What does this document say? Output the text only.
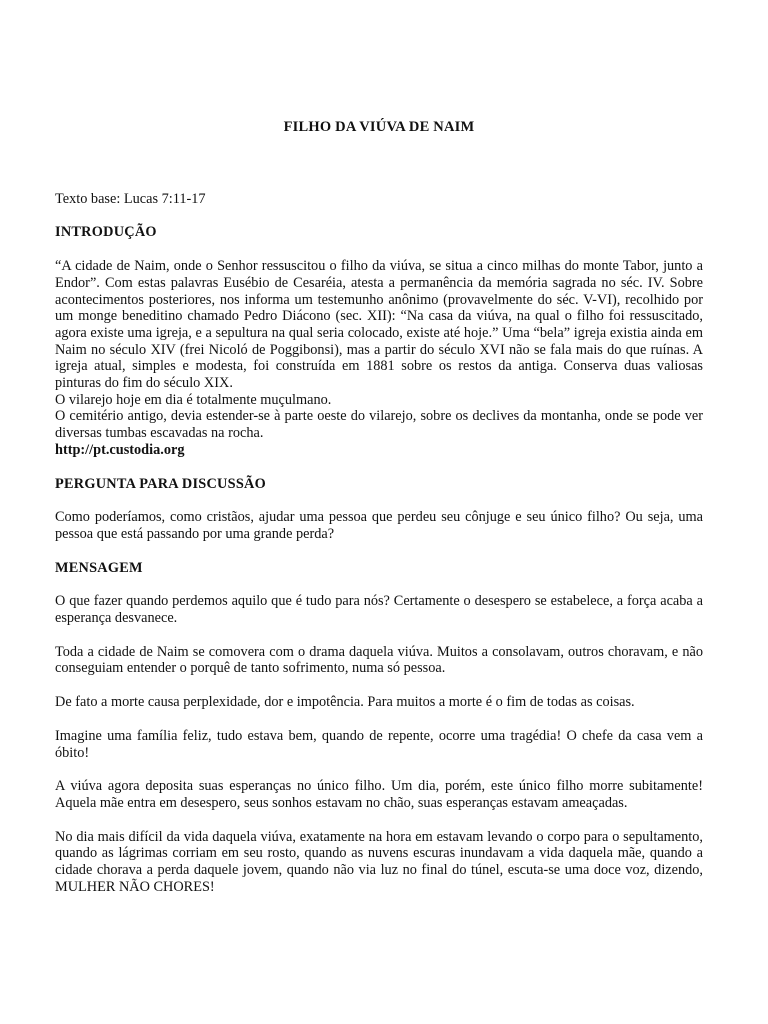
FILHO DA VIÚVA DE NAIM

Texto base: Lucas 7:11-17

INTRODUÇÃO

“A cidade de Naim, onde o Senhor ressuscitou o filho da viúva, se situa a cinco milhas do monte Tabor, junto a Endor”. Com estas palavras Eusébio de Cesaréia, atesta a permanência da memória sagrada no séc. IV. Sobre acontecimentos posteriores, nos informa um testemunho anônimo (provavelmente do séc. V-VI), recolhido por um monge beneditino chamado Pedro Diácono (sec. XII): “Na casa da viúva, na qual o filho foi ressuscitado, agora existe uma igreja, e a sepultura na qual seria colocado, existe até hoje.” Uma “bela” igreja existia ainda em Naim no século XIV (frei Nicoló de Poggibonsi), mas a partir do século XVI não se fala mais do que ruínas. A igreja atual, simples e modesta, foi construída em 1881 sobre os restos da antiga. Conserva duas valiosas pinturas do fim do século XIX.

O vilarejo hoje em dia é totalmente muçulmano.

O cemitério antigo, devia estender-se à parte oeste do vilarejo, sobre os declives da montanha, onde se pode ver diversas tumbas escavadas na rocha.

http://pt.custodia.org
PERGUNTA PARA DISCUSSÃO

Como poderíamos, como cristãos, ajudar uma pessoa que perdeu seu cônjuge e seu único filho? Ou seja, uma pessoa que está passando por uma grande perda?

MENSAGEM

O que fazer quando perdemos aquilo que é tudo para nós? Certamente o desespero se estabelece, a força acaba a esperança desvanece.

Toda a cidade de Naim se comovera com o drama daquela viúva. Muitos a consolavam, outros choravam, e não conseguiam entender o porquê de tanto sofrimento, numa só pessoa.

De fato a morte causa perplexidade, dor e impotência. Para muitos a morte é o fim de todas as coisas.

Imagine uma família feliz, tudo estava bem, quando de repente, ocorre uma tragédia! O chefe da casa vem a óbito!

A viúva agora deposita suas esperanças no único filho. Um dia, porém, este único filho morre subitamente! Aquela mãe entra em desespero, seus sonhos estavam no chão, suas esperanças estavam ameaçadas.

No dia mais difícil da vida daquela viúva, exatamente na hora em estavam levando o corpo para o sepultamento, quando as lágrimas corriam em seu rosto, quando as nuvens escuras inundavam a vida daquela mãe, quando a cidade chorava a perda daquele jovem, quando não via luz no final do túnel, escuta-se uma doce voz, dizendo, MULHER NÃO CHORES!
